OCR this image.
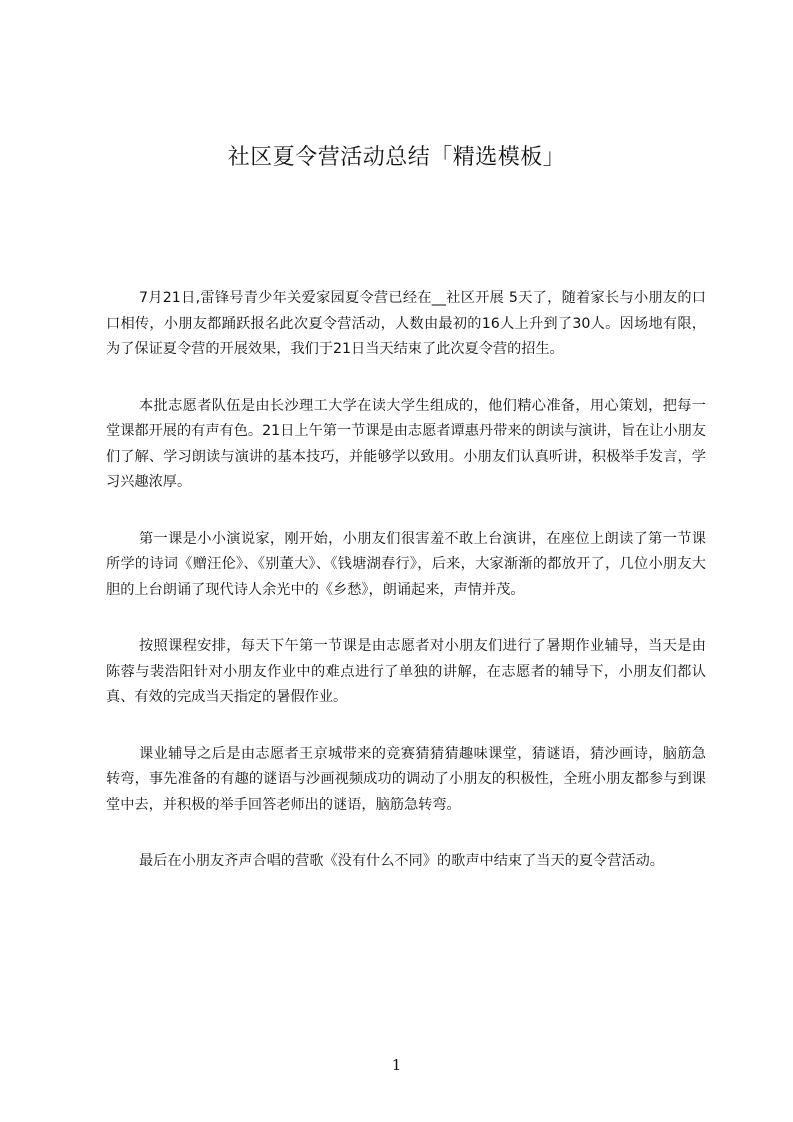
社区夏令营活动总结「精选模板」

7月21日,雷锋号青少年关爱家园夏令营已经在__社区开展 5天了，随着家长与小朋友的口口相传，小朋友都踊跃报名此次夏令营活动，人数由最初的16人上升到了30人。因场地有限，为了保证夏令营的开展效果，我们于21日当天结束了此次夏令营的招生。

本批志愿者队伍是由长沙理工大学在读大学生组成的，他们精心准备，用心策划，把每一堂课都开展的有声有色。21日上午第一节课是由志愿者谭惠丹带来的朗读与演讲，旨在让小朋友们了解、学习朗读与演讲的基本技巧，并能够学以致用。小朋友们认真听讲，积极举手发言，学习兴趣浓厚。

第一课是小小演说家，刚开始，小朋友们很害羞不敢上台演讲，在座位上朗读了第一节课所学的诗词《赠汪伦》、《别董大》、《钱塘湖春行》，后来，大家渐渐的都放开了，几位小朋友大胆的上台朗诵了现代诗人余光中的《乡愁》，朗诵起来，声情并茂。

按照课程安排，每天下午第一节课是由志愿者对小朋友们进行了暑期作业辅导，当天是由陈蓉与裴浩阳针对小朋友作业中的难点进行了单独的讲解，在志愿者的辅导下，小朋友们都认真、有效的完成当天指定的暑假作业。

课业辅导之后是由志愿者王京城带来的竞赛猜猜猜趣味课堂，猜谜语，猜沙画诗，脑筋急转弯，事先准备的有趣的谜语与沙画视频成功的调动了小朋友的积极性，全班小朋友都参与到课堂中去，并积极的举手回答老师出的谜语，脑筋急转弯。

最后在小朋友齐声合唱的营歌《没有什么不同》的歌声中结束了当天的夏令营活动。

1
